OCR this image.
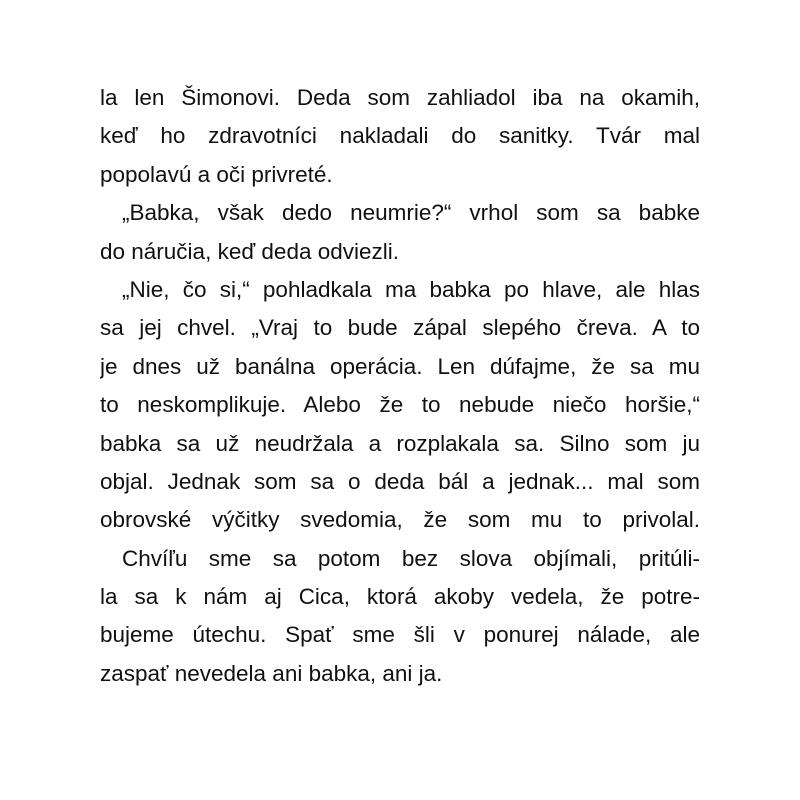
la len Šimonovi. Deda som zahliadol iba na okamih,
keď ho zdravotníci nakladali do sanitky. Tvár mal
popolavú a oči privreté.
„Babka, však dedo neumrie?“ vrhol som sa babke
do náručia, keď deda odviezli.
„Nie, čo si,“ pohladkala ma babka po hlave, ale hlas
sa jej chvel. „Vraj to bude zápal slepého čreva. A to
je dnes už banálna operácia. Len dúfajme, že sa mu
to neskomplikuje. Alebo že to nebude niečo horšie,“
babka sa už neudržala a rozplakala sa. Silno som ju
objal. Jednak som sa o deda bál a jednak... mal som
obrovské výčitky svedomia, že som mu to privolal.
Chvíľu sme sa potom bez slova objímali, pritúli-
la sa k nám aj Cica, ktorá akoby vedela, že potre-
bujeme útechu. Spať sme šli v ponurej nálade, ale
zaspať nevedela ani babka, ani ja.
